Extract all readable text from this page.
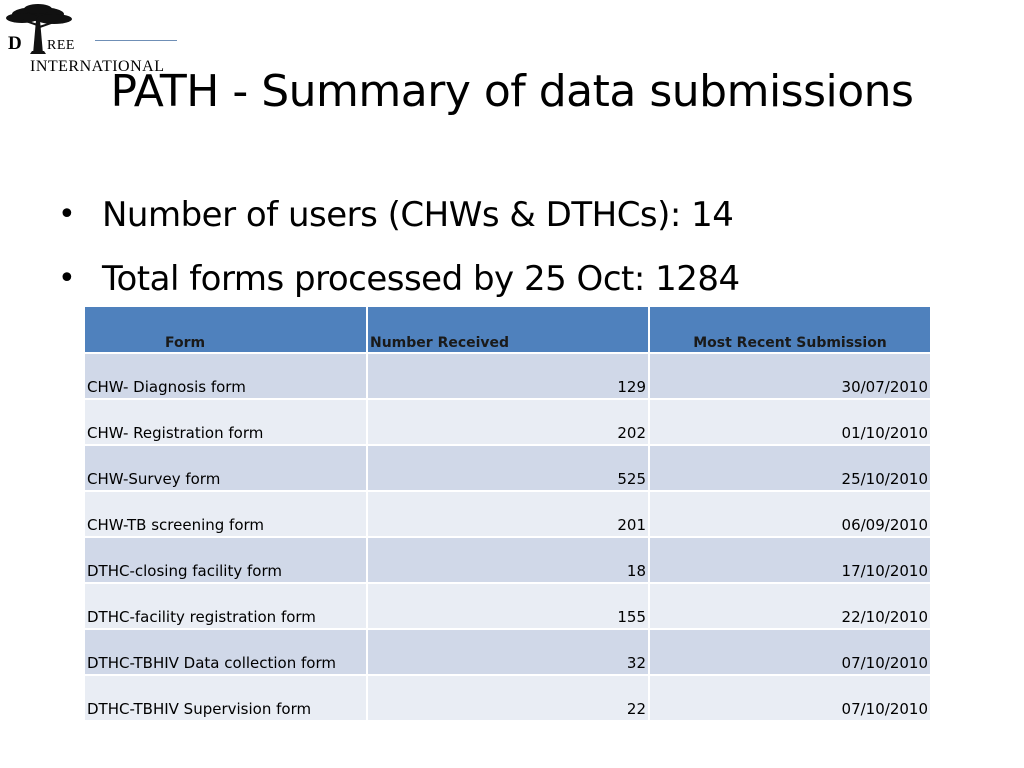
D REE
INTERNATIONAL
PATH - Summary of data submissions
• Number of users (CHWs & DTHCs): 14
• Total forms processed by 25 Oct: 1284
Form	Number Received	Most Recent Submission
CHW- Diagnosis form	129	30/07/2010
CHW- Registration form	202	01/10/2010
CHW-Survey form	525	25/10/2010
CHW-TB screening form	201	06/09/2010
DTHC-closing facility form	18	17/10/2010
DTHC-facility registration form	155	22/10/2010
DTHC-TBHIV Data collection form	32	07/10/2010
DTHC-TBHIV Supervision form	22	07/10/2010
